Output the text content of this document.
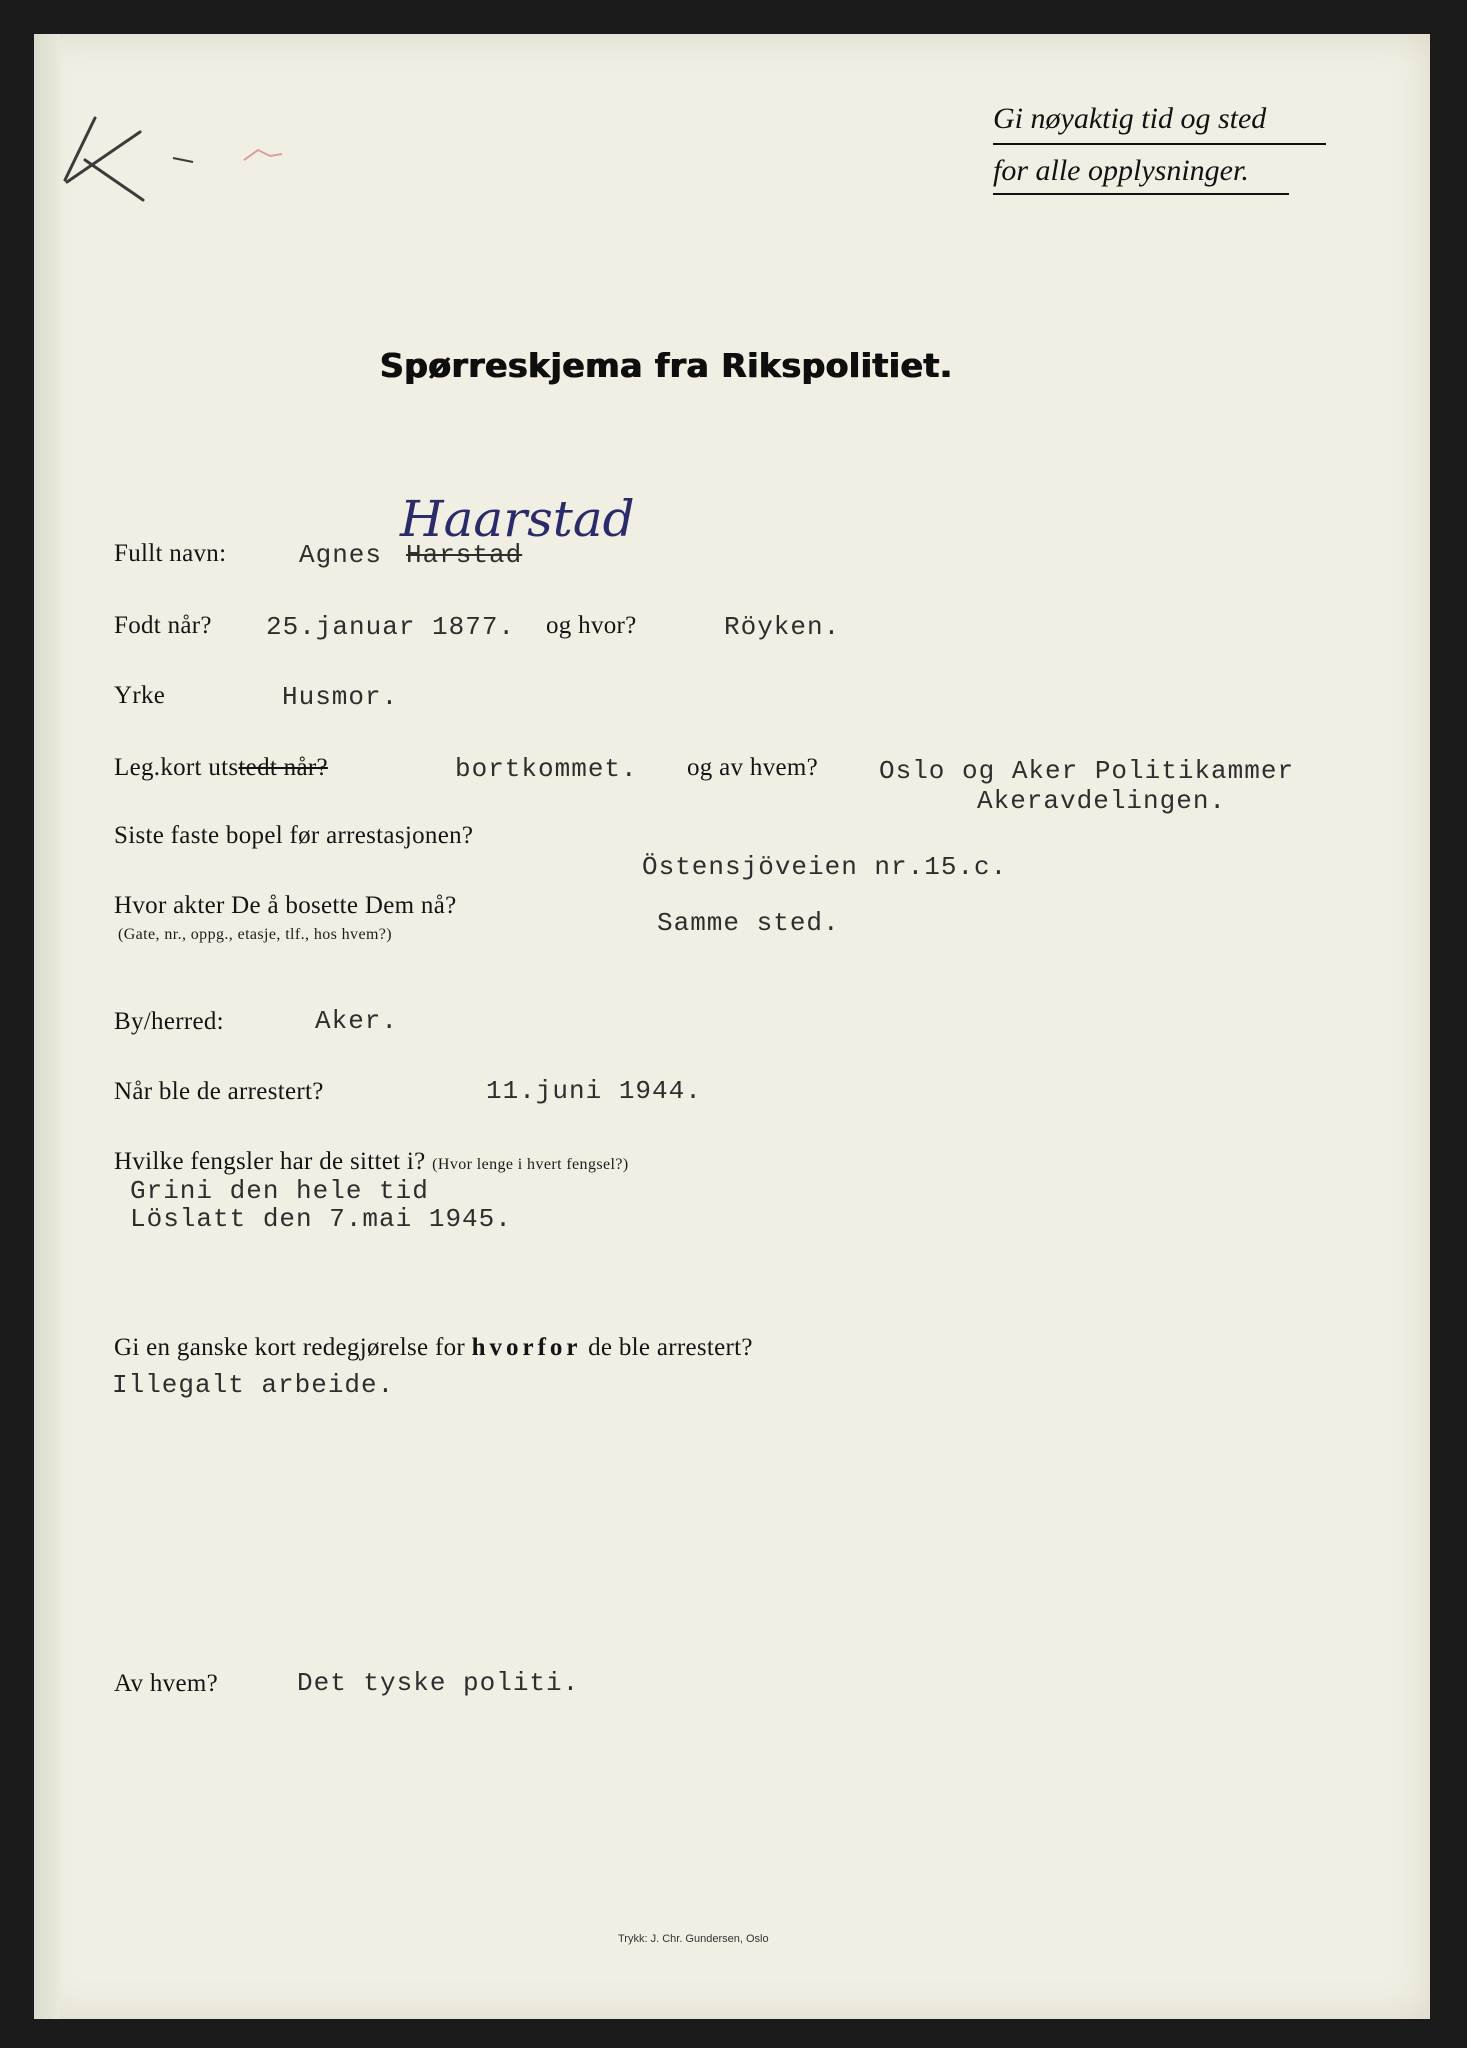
Gi nøyaktig tid og sted
for alle opplysninger.
Spørreskjema fra Rikspolitiet.
Haarstad
Fullt navn:	Agnes Harstad
Fodt når? 25.januar 1877. og hvor?	Röyken.
Yrke	Husmor.
Leg.kort utstedt når?	bortkommet. og av hvem? Oslo og Aker Politikammer
Akeravdelingen.
Siste faste bopel før arrestasjonen?
Östensjöveien nr.15.c.
Hvor akter De å bosette Dem nå?
(Gate, nr., oppg., etasje, tlf., hos hvem?)	Samme sted.
By/herred:	Aker.
Når ble de arrestert?	11.juni 1944.
Hvilke fengsler har de sittet i? (Hvor lenge i hvert fengsel?)
Grini den hele tid
Löslatt den 7.mai 1945.
Gi en ganske kort redegjørelse for hvorfor de ble arrestert?
Illegalt arbeide.
Av hvem?	Det tyske politi.
Trykk: J. Chr. Gundersen, Oslo
